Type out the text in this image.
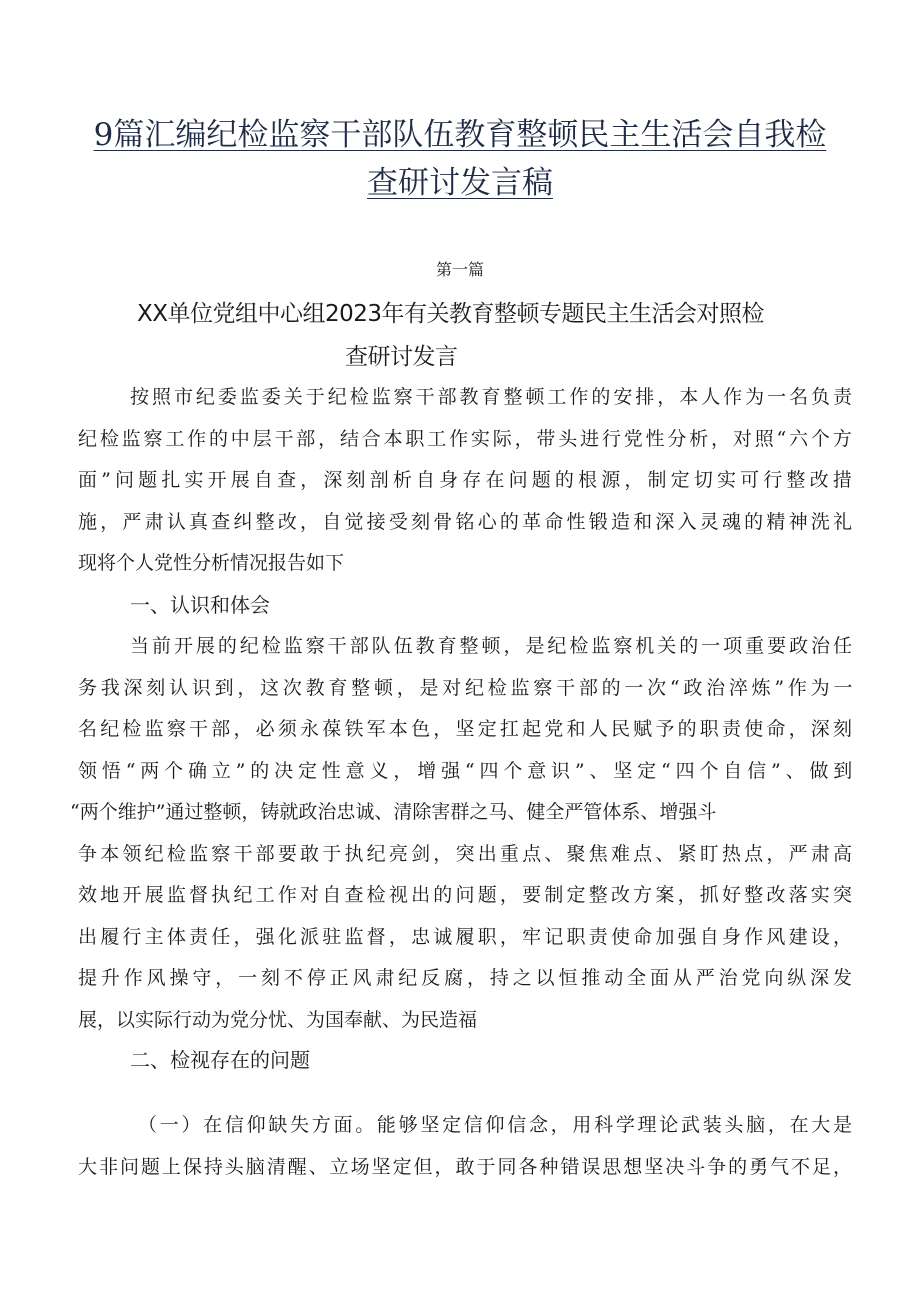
9篇汇编纪检监察干部队伍教育整顿民主生活会自我检
查研讨发言稿
第一篇
XX单位党组中心组2023年有关教育整顿专题民主生活会对照检
查研讨发言
按照市纪委监委关于纪检监察干部教育整顿工作的安排，本人作为一名负责
纪检监察工作的中层干部，结合本职工作实际，带头进行党性分析，对照“六个方
面”问题扎实开展自查，深刻剖析自身存在问题的根源，制定切实可行整改措
施，严肃认真查纠整改，自觉接受刻骨铭心的革命性锻造和深入灵魂的精神洗礼
现将个人党性分析情况报告如下
一、认识和体会
当前开展的纪检监察干部队伍教育整顿，是纪检监察机关的一项重要政治任
务我深刻认识到，这次教育整顿，是对纪检监察干部的一次“政治淬炼”作为一
名纪检监察干部，必须永葆铁军本色，坚定扛起党和人民赋予的职责使命，深刻
领悟“两个确立”的决定性意义，增强“四个意识”、坚定“四个自信”、做到
“两个维护”通过整顿，铸就政治忠诚、清除害群之马、健全严管体系、增强斗
争本领纪检监察干部要敢于执纪亮剑，突出重点、聚焦难点、紧盯热点，严肃高
效地开展监督执纪工作对自查检视出的问题，要制定整改方案，抓好整改落实突
出履行主体责任，强化派驻监督，忠诚履职，牢记职责使命加强自身作风建设，
提升作风操守，一刻不停正风肃纪反腐，持之以恒推动全面从严治党向纵深发
展，以实际行动为党分忧、为国奉献、为民造福
二、检视存在的问题
（一）在信仰缺失方面。能够坚定信仰信念，用科学理论武装头脑，在大是
大非问题上保持头脑清醒、立场坚定但，敢于同各种错误思想坚决斗争的勇气不足，
